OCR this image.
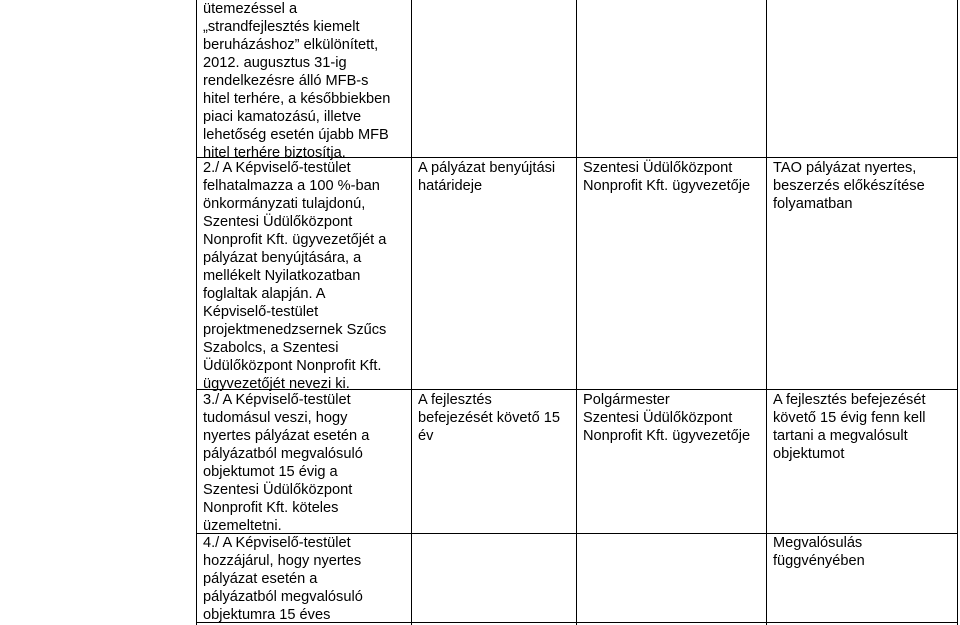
ütemezéssel a
„strandfejlesztés kiemelt
beruházáshoz” elkülönített,
2012. augusztus 31-ig
rendelkezésre álló MFB-s
hitel terhére, a későbbiekben
piaci kamatozású, illetve
lehetőség esetén újabb MFB
hitel terhére biztosítja.
2./ A Képviselő-testület
felhatalmazza a 100 %-ban
önkormányzati tulajdonú,
Szentesi Üdülőközpont
Nonprofit Kft. ügyvezetőjét a
pályázat benyújtására, a
mellékelt Nyilatkozatban
foglaltak alapján. A
Képviselő-testület
projektmenedzsernek Szűcs
Szabolcs, a Szentesi
Üdülőközpont Nonprofit Kft.
ügyvezetőjét nevezi ki.
3./ A Képviselő-testület
tudomásul veszi, hogy
nyertes pályázat esetén a
pályázatból megvalósuló
objektumot 15 évig a
Szentesi Üdülőközpont
Nonprofit Kft. köteles
üzemeltetni.
4./ A Képviselő-testület
hozzájárul, hogy nyertes
pályázat esetén a
pályázatból megvalósuló
objektumra 15 éves
A pályázat benyújtási
határideje
Szentesi Üdülőközpont
Nonprofit Kft. ügyvezetője
TAO pályázat nyertes,
beszerzés előkészítése
folyamatban
A fejlesztés
befejezését követő 15
év
Polgármester
Szentesi Üdülőközpont
Nonprofit Kft. ügyvezetője
A fejlesztés befejezését
követő 15 évig fenn kell
tartani a megvalósult
objektumot
Megvalósulás
függvényében
